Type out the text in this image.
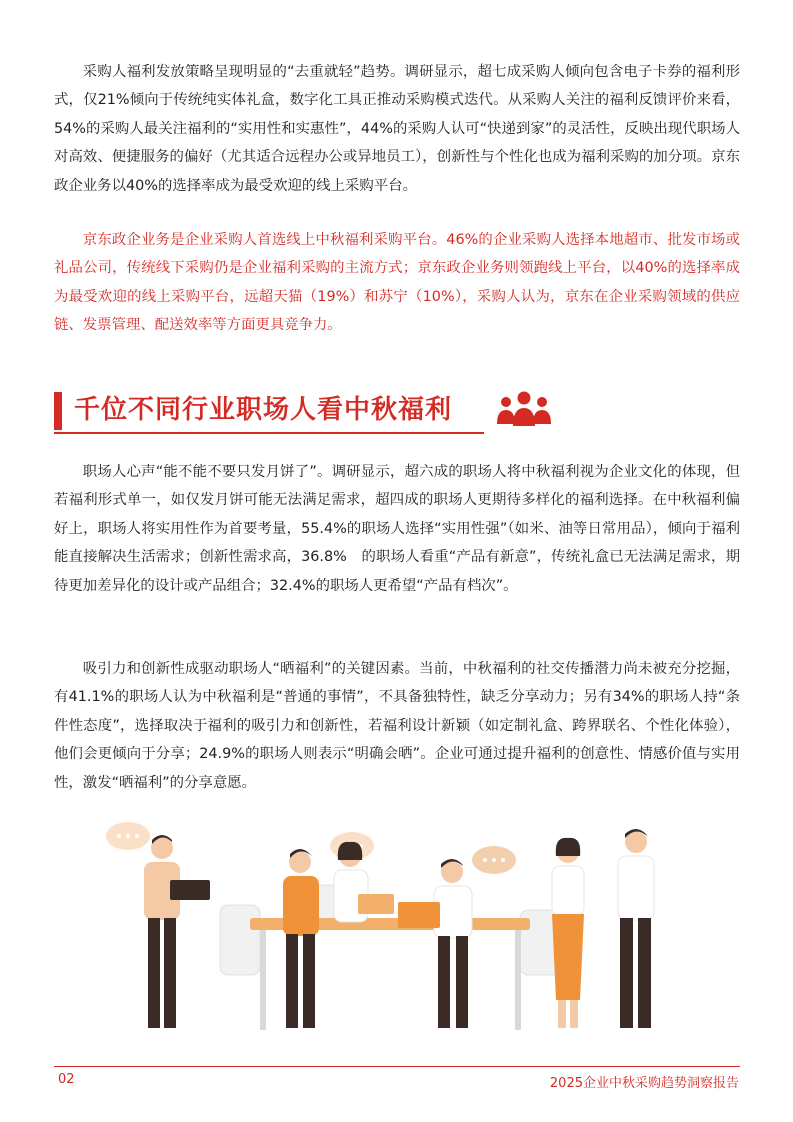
采购人福利发放策略呈现明显的“去重就轻”趋势。调研显示，超七成采购人倾向包含电子卡券的福利形式，仅21%倾向于传统纯实体礼盒，数字化工具正推动采购模式迭代。从采购人关注的福利反馈评价来看，54%的采购人最关注福利的“实用性和实惠性”，44%的采购人认可“快递到家”的灵活性，反映出现代职场人对高效、便捷服务的偏好（尤其适合远程办公或异地员工），创新性与个性化也成为福利采购的加分项。京东政企业务以40%的选择率成为最受欢迎的线上采购平台。

京东政企业务是企业采购人首选线上中秋福利采购平台。46%的企业采购人选择本地超市、批发市场或礼品公司，传统线下采购仍是企业福利采购的主流方式；京东政企业务则领跑线上平台，以40%的选择率成为最受欢迎的线上采购平台，远超天猫（19%）和苏宁（10%），采购人认为，京东在企业采购领域的供应链、发票管理、配送效率等方面更具竞争力。

千位不同行业职场人看中秋福利

职场人心声“能不能不要只发月饼了”。调研显示，超六成的职场人将中秋福利视为企业文化的体现，但若福利形式单一，如仅发月饼可能无法满足需求，超四成的职场人更期待多样化的福利选择。在中秋福利偏好上，职场人将实用性作为首要考量，55.4%的职场人选择“实用性强”（如米、油等日常用品），倾向于福利能直接解决生活需求；创新性需求高，36.8%　的职场人看重“产品有新意”，传统礼盒已无法满足需求，期待更加差异化的设计或产品组合；32.4%的职场人更希望“产品有档次”。

吸引力和创新性成驱动职场人“晒福利”的关键因素。当前，中秋福利的社交传播潜力尚未被充分挖掘，有41.1%的职场人认为中秋福利是“普通的事情”，不具备独特性，缺乏分享动力；另有34%的职场人持“条件性态度”，选择取决于福利的吸引力和创新性，若福利设计新颖（如定制礼盒、跨界联名、个性化体验），他们会更倾向于分享；24.9%的职场人则表示“明确会晒”。企业可通过提升福利的创意性、情感价值与实用性，激发“晒福利”的分享意愿。

02	2025企业中秋采购趋势洞察报告
